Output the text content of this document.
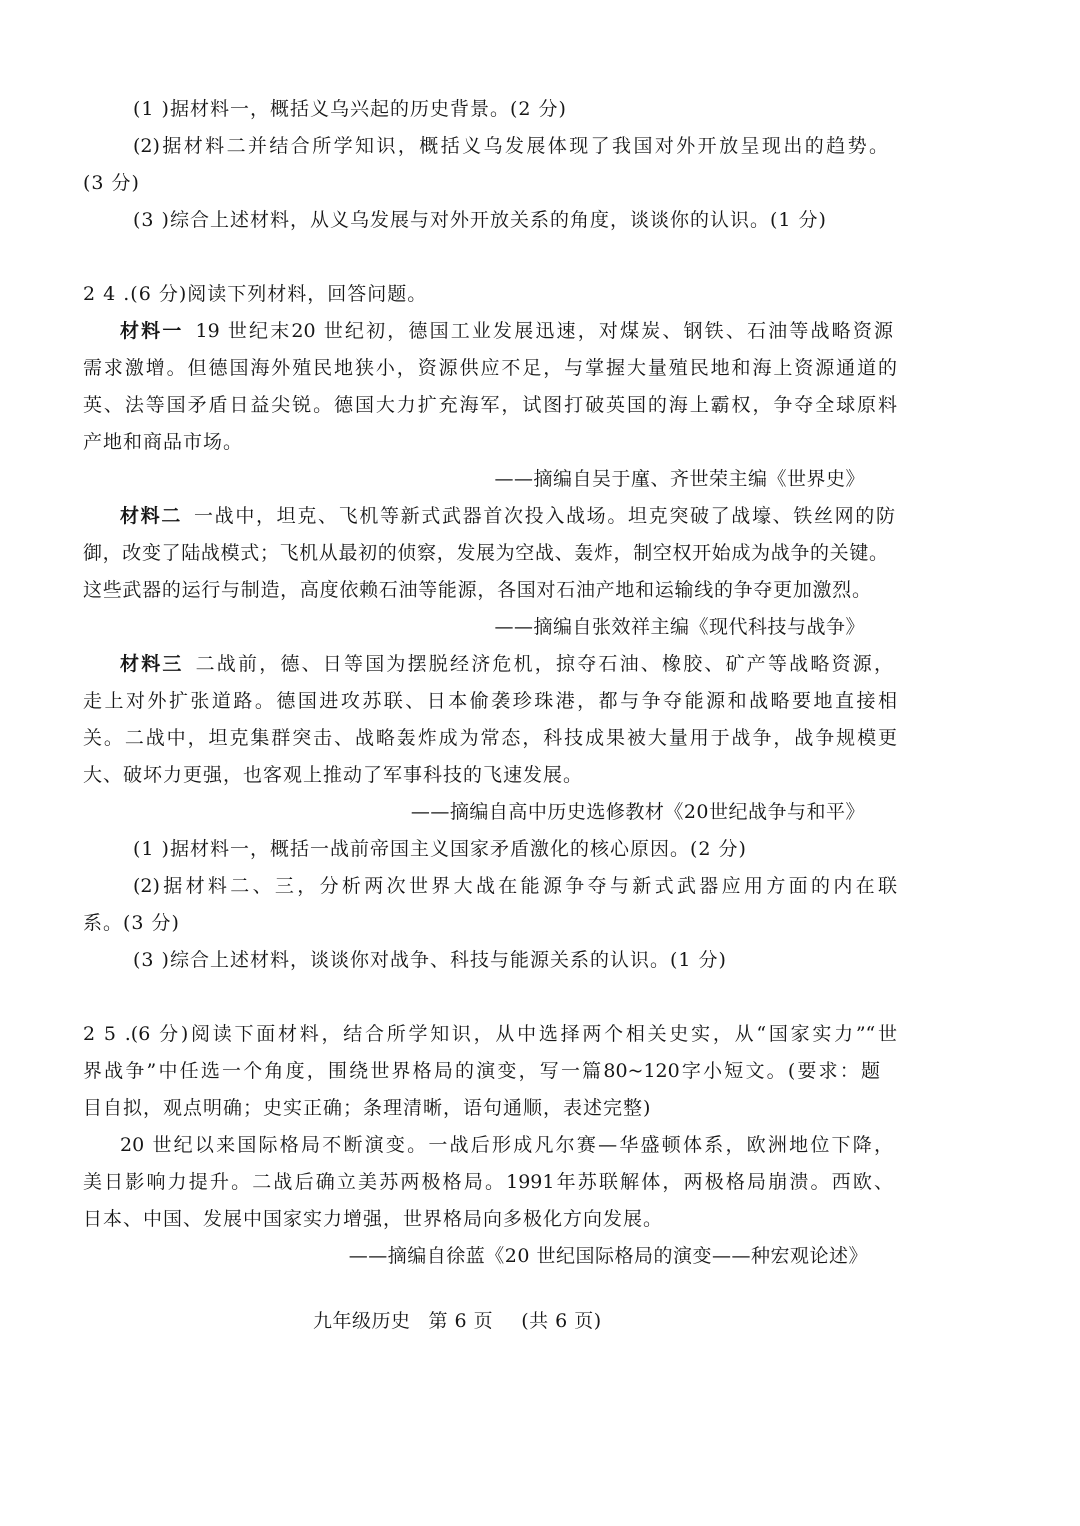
(1 )据材料一，概括义乌兴起的历史背景。(2 分)
(2)据材料二并结合所学知识，概括义乌发展体现了我国对外开放呈现出的趋势。
(3 分)
(3 )综合上述材料，从义乌发展与对外开放关系的角度，谈谈你的认识。(1 分)
2 4 .(6 分)阅读下列材料，回答问题。
材料一 19 世纪末20 世纪初，德国工业发展迅速，对煤炭、钢铁、石油等战略资源
需求激增。但德国海外殖民地狭小，资源供应不足，与掌握大量殖民地和海上资源通道的
英、法等国矛盾日益尖锐。德国大力扩充海军，试图打破英国的海上霸权，争夺全球原料
产地和商品市场。
——摘编自吴于廑、齐世荣主编《世界史》
材料二 一战中，坦克、飞机等新式武器首次投入战场。坦克突破了战壕、铁丝网的防
御，改变了陆战模式；飞机从最初的侦察，发展为空战、轰炸，制空权开始成为战争的关键。
这些武器的运行与制造，高度依赖石油等能源，各国对石油产地和运输线的争夺更加激烈。
——摘编自张效祥主编《现代科技与战争》
材料三 二战前，德、日等国为摆脱经济危机，掠夺石油、橡胶、矿产等战略资源，
走上对外扩张道路。德国进攻苏联、日本偷袭珍珠港，都与争夺能源和战略要地直接相
关。二战中，坦克集群突击、战略轰炸成为常态，科技成果被大量用于战争，战争规模更
大、破坏力更强，也客观上推动了军事科技的飞速发展。
——摘编自高中历史选修教材《20世纪战争与和平》
(1 )据材料一，概括一战前帝国主义国家矛盾激化的核心原因。(2 分)
(2)据材料二、三，分析两次世界大战在能源争夺与新式武器应用方面的内在联
系。(3 分)
(3 )综合上述材料，谈谈你对战争、科技与能源关系的认识。(1 分)
2 5 .(6 分)阅读下面材料，结合所学知识，从中选择两个相关史实，从“国家实力”“世
界战争”中任选一个角度，围绕世界格局的演变，写一篇80~120字小短文。(要求：题
目自拟，观点明确；史实正确；条理清晰，语句通顺，表述完整)
20 世纪以来国际格局不断演变。一战后形成凡尔赛—华盛顿体系，欧洲地位下降，
美日影响力提升。二战后确立美苏两极格局。1991年苏联解体，两极格局崩溃。西欧、
日本、中国、发展中国家实力增强，世界格局向多极化方向发展。
——摘编自徐蓝《20 世纪国际格局的演变——种宏观论述》
九年级历史 第 6 页 (共 6 页)
